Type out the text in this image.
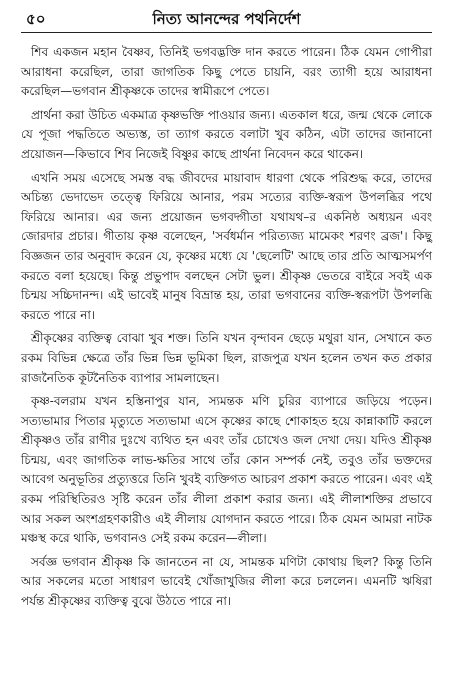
৫০	নিত্য আনন্দের পথনির্দেশ

শিব একজন মহান বৈষ্ণব, তিনিই ভগবদ্ভক্তি দান করতে পারেন। ঠিক যেমন গোপীরা আরাধনা করেছিল, তারা জাগতিক কিছু পেতে চায়নি, বরং ত্যাগী হয়ে আরাধনা করেছিল—ভগবান শ্রীকৃষ্ণকে তাদের স্বামীরূপে পেতে।

প্রার্থনা করা উচিত একমাত্র কৃষ্ণভক্তি পাওয়ার জন্য। এতকাল ধরে, জন্ম থেকে লোকে যে পূজা পদ্ধতিতে অভ্যস্ত, তা ত্যাগ করতে বলাটা খুব কঠিন, এটা তাদের জানানো প্রয়োজন—কিভাবে শিব নিজেই বিষ্ণুর কাছে প্রার্থনা নিবেদন করে থাকেন।

এখনি সময় এসেছে সমস্ত বদ্ধ জীবদের মায়াবাদ ধারণা থেকে পরিশুদ্ধ করে, তাদের অচিন্ত্য ভেদাভেদ তত্ত্বে ফিরিয়ে আনার, পরম সত্যের ব্যক্তি-স্বরূপ উপলব্ধির পথে ফিরিয়ে আনার। এর জন্য প্রয়োজন ভগবদ্গীতা যথাযথ–র একনিষ্ঠ অধ্যয়ন এবং জোরদার প্রচার। গীতায় কৃষ্ণ বলেছেন, 'সর্বধর্মান পরিত্যজ্য মামেকং শরণং ব্রজ'। কিছু বিজ্ঞজন তার অনুবাদ করেন যে, কৃষ্ণের মধ্যে যে 'ছেলেটি' আছে তার প্রতি আত্মসমর্পণ করতে বলা হয়েছে। কিন্তু প্রভুপাদ বলছেন সেটা ভুল। শ্রীকৃষ্ণ ভেতরে বাইরে সবই এক চিন্ময় সচ্চিদানন্দ। এই ভাবেই মানুষ বিভ্রান্ত হয়, তারা ভগবানের ব্যক্তি-স্বরূপটা উপলব্ধি করতে পারে না।

শ্রীকৃষ্ণের ব্যক্তিত্ব বোঝা খুব শক্ত। তিনি যখন বৃন্দাবন ছেড়ে মথুরা যান, সেখানে কত রকম বিভিন্ন ক্ষেত্রে তাঁর ভিন্ন ভিন্ন ভূমিকা ছিল, রাজপুত্র যখন হলেন তখন কত প্রকার রাজনৈতিক কূটনৈতিক ব্যাপার সামলাছেন।

কৃষ্ণ-বলরাম যখন হস্তিনাপুর যান, স্যমন্তক মণি চুরির ব্যাপারে জড়িয়ে পড়েন। সত্যভামার পিতার মৃত্যুতে সত্যভামা এসে কৃষ্ণের কাছে শোকাহত হয়ে কান্নাকাটি করলে শ্রীকৃষ্ণও তাঁর রাণীর দুঃখে ব্যথিত হন এবং তাঁর চোখেও জল দেখা দেয়। যদিও শ্রীকৃষ্ণ চিন্ময়, এবং জাগতিক লাভ-ক্ষতির সাথে তাঁর কোন সম্পর্ক নেই, তবুও তাঁর ভক্তদের আবেগ অনুভূতির প্রত্যুত্তরে তিনি খুবই ব্যক্তিগত আচরণ প্রকাশ করতে পারেন। এবং এই রকম পরিস্থিতিরও সৃষ্টি করেন তাঁর লীলা প্রকাশ করার জন্য। এই লীলাশক্তির প্রভাবে আর সকল অংশগ্রহণকারীও এই লীলায় যোগদান করতে পারে। ঠিক যেমন আমরা নাটক মঞ্চস্থ করে থাকি, ভগবানও সেই রকম করেন—লীলা।

সর্বজ্ঞ ভগবান শ্রীকৃষ্ণ কি জানতেন না যে, সামন্তক মণিটা কোথায় ছিল? কিন্তু তিনি আর সকলের মতো সাধারণ ভাবেই খোঁজাখুজির লীলা করে চললেন। এমনটি ঋষিরা পর্যন্ত শ্রীকৃষ্ণের ব্যক্তিত্ব বুঝে উঠতে পারে না।
